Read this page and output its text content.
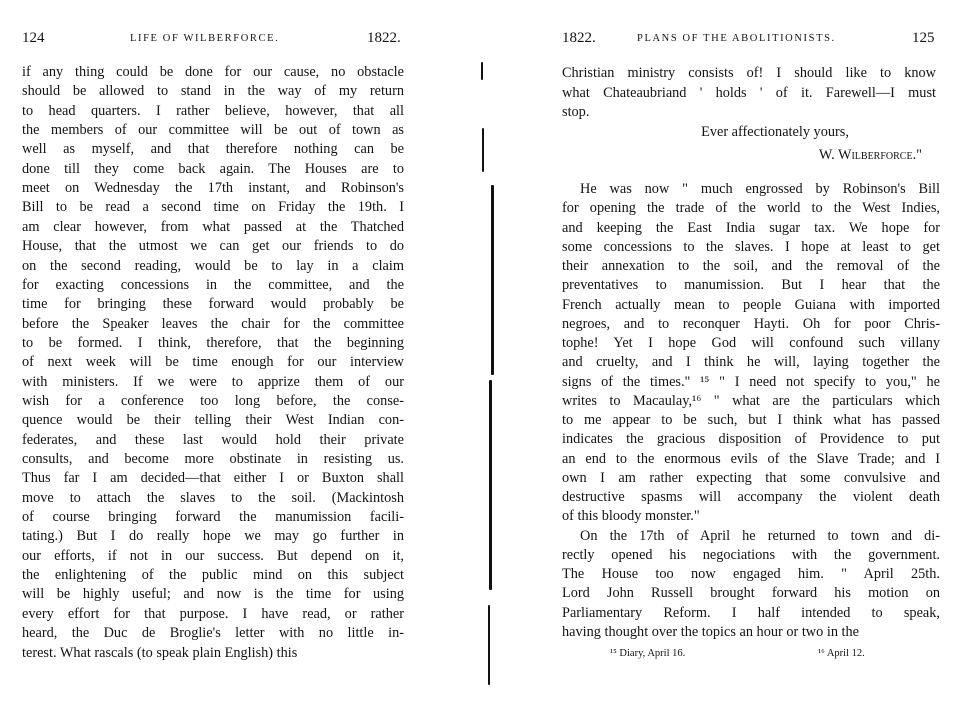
124	LIFE OF WILBERFORCE.	1822.
if any thing could be done for our cause, no obstacle
should be allowed to stand in the way of my return
to head quarters. I rather believe, however, that all
the members of our committee will be out of town as
well as myself, and that therefore nothing can be
done till they come back again. The Houses are to
meet on Wednesday the 17th instant, and Robinson's
Bill to be read a second time on Friday the 19th. I
am clear however, from what passed at the Thatched
House, that the utmost we can get our friends to do
on the second reading, would be to lay in a claim
for exacting concessions in the committee, and the
time for bringing these forward would probably be
before the Speaker leaves the chair for the committee
to be formed. I think, therefore, that the beginning
of next week will be time enough for our interview
with ministers. If we were to apprize them of our
wish for a conference too long before, the conse-
quence would be their telling their West Indian con-
federates, and these last would hold their private
consults, and become more obstinate in resisting us.
Thus far I am decided—that either I or Buxton shall
move to attach the slaves to the soil. (Mackintosh
of course bringing forward the manumission facili-
tating.) But I do really hope we may go further in
our efforts, if not in our success. But depend on it,
the enlightening of the public mind on this subject
will be highly useful; and now is the time for using
every effort for that purpose. I have read, or rather
heard, the Duc de Broglie's letter with no little in-
terest. What rascals (to speak plain English) this
1822.	PLANS OF THE ABOLITIONISTS.	125
Christian ministry consists of! I should like to know
what Chateaubriand ' holds ' of it. Farewell—I must
stop.
Ever affectionately yours,
W. Wilberforce."
He was now " much engrossed by Robinson's Bill
for opening the trade of the world to the West Indies,
and keeping the East India sugar tax. We hope for
some concessions to the slaves. I hope at least to get
their annexation to the soil, and the removal of the
preventatives to manumission. But I hear that the
French actually mean to people Guiana with imported
negroes, and to reconquer Hayti. Oh for poor Chris-
tophe! Yet I hope God will confound such villany
and cruelty, and I think he will, laying together the
signs of the times." ¹⁵ " I need not specify to you," he
writes to Macaulay,¹⁶ " what are the particulars which
to me appear to be such, but I think what has passed
indicates the gracious disposition of Providence to put
an end to the enormous evils of the Slave Trade; and I
own I am rather expecting that some convulsive and
destructive spasms will accompany the violent death
of this bloody monster."
On the 17th of April he returned to town and di-
rectly opened his negociations with the government.
The House too now engaged him. " April 25th.
Lord John Russell brought forward his motion on
Parliamentary Reform. I half intended to speak,
having thought over the topics an hour or two in the
¹⁵ Diary, April 16.	¹⁶ April 12.
